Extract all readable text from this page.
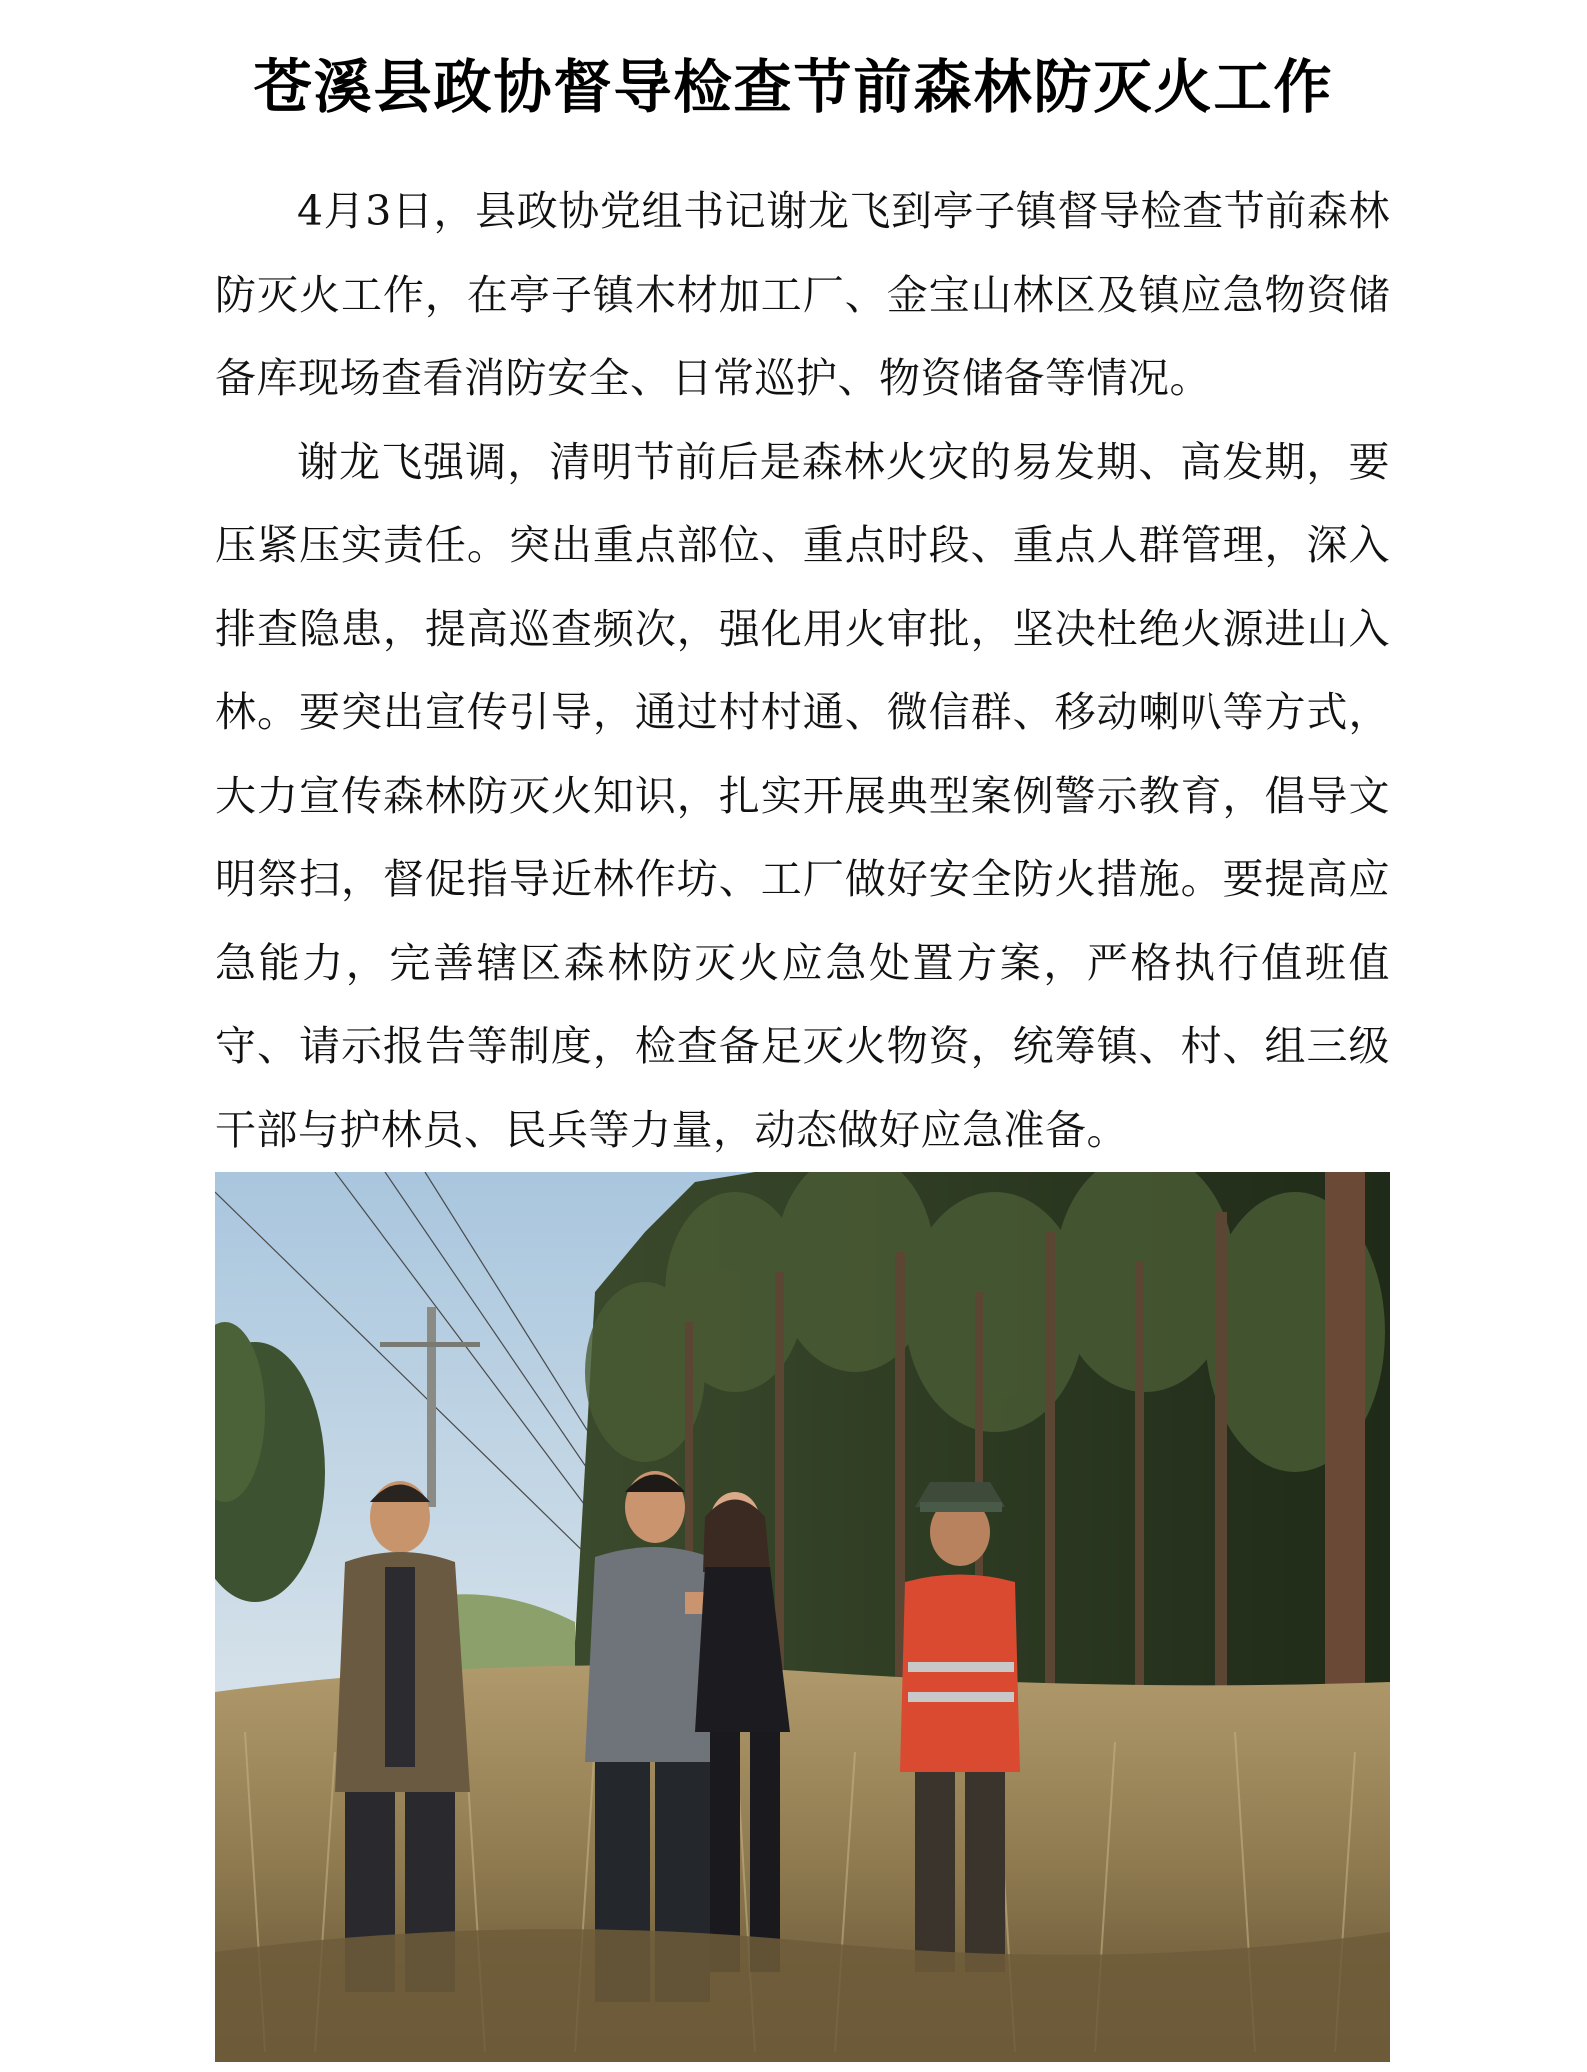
苍溪县政协督导检查节前森林防灭火工作

4月3日，县政协党组书记谢龙飞到亭子镇督导检查节前森林防灭火工作，在亭子镇木材加工厂、金宝山林区及镇应急物资储备库现场查看消防安全、日常巡护、物资储备等情况。

谢龙飞强调，清明节前后是森林火灾的易发期、高发期，要压紧压实责任。突出重点部位、重点时段、重点人群管理，深入排查隐患，提高巡查频次，强化用火审批，坚决杜绝火源进山入林。要突出宣传引导，通过村村通、微信群、移动喇叭等方式，大力宣传森林防灭火知识，扎实开展典型案例警示教育，倡导文明祭扫，督促指导近林作坊、工厂做好安全防火措施。要提高应急能力，完善辖区森林防灭火应急处置方案，严格执行值班值守、请示报告等制度，检查备足灭火物资，统筹镇、村、组三级干部与护林员、民兵等力量，动态做好应急准备。
